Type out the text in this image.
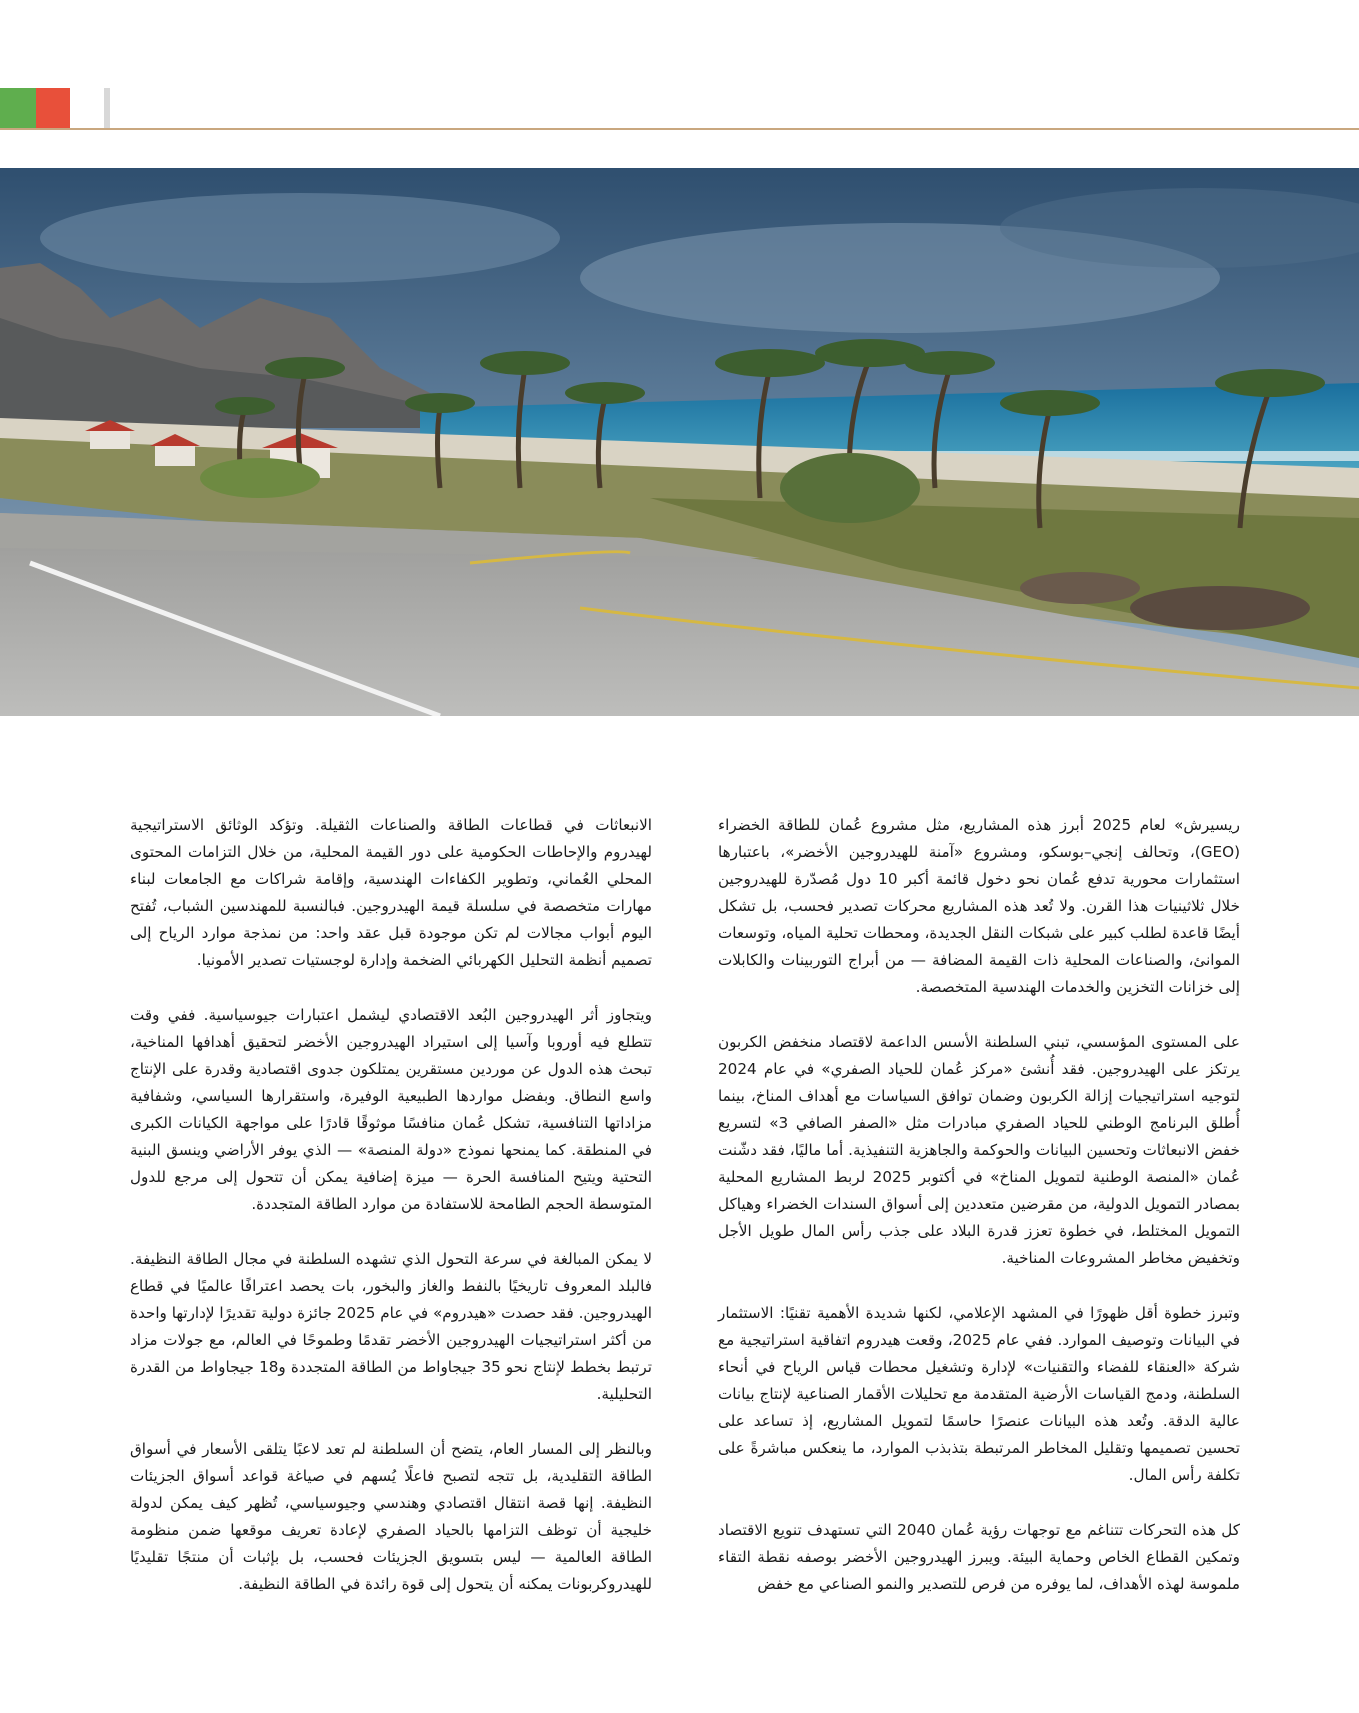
ريسيرش» لعام 2025 أبرز هذه المشاريع، مثل مشروع عُمان للطاقة الخضراء (GEO)، وتحالف إنجي–بوسكو، ومشروع «آمنة للهيدروجين الأخضر»، باعتبارها استثمارات محورية تدفع عُمان نحو دخول قائمة أكبر 10 دول مُصدّرة للهيدروجين خلال ثلاثينيات هذا القرن. ولا تُعد هذه المشاريع محركات تصدير فحسب، بل تشكل أيضًا قاعدة لطلب كبير على شبكات النقل الجديدة، ومحطات تحلية المياه، وتوسعات الموانئ، والصناعات المحلية ذات القيمة المضافة — من أبراج التوربينات والكابلات إلى خزانات التخزين والخدمات الهندسية المتخصصة.

على المستوى المؤسسي، تبني السلطنة الأسس الداعمة لاقتصاد منخفض الكربون يرتكز على الهيدروجين. فقد أُنشئ «مركز عُمان للحياد الصفري» في عام 2024 لتوجيه استراتيجيات إزالة الكربون وضمان توافق السياسات مع أهداف المناخ، بينما أُطلق البرنامج الوطني للحياد الصفري مبادرات مثل «الصفر الصافي 3» لتسريع خفض الانبعاثات وتحسين البيانات والحوكمة والجاهزية التنفيذية. أما ماليًا، فقد دشّنت عُمان «المنصة الوطنية لتمويل المناخ» في أكتوبر 2025 لربط المشاريع المحلية بمصادر التمويل الدولية، من مقرضين متعددين إلى أسواق السندات الخضراء وهياكل التمويل المختلط، في خطوة تعزز قدرة البلاد على جذب رأس المال طويل الأجل وتخفيض مخاطر المشروعات المناخية.

وتبرز خطوة أقل ظهورًا في المشهد الإعلامي، لكنها شديدة الأهمية تقنيًا: الاستثمار في البيانات وتوصيف الموارد. ففي عام 2025، وقعت هيدروم اتفاقية استراتيجية مع شركة «العنقاء للفضاء والتقنيات» لإدارة وتشغيل محطات قياس الرياح في أنحاء السلطنة، ودمج القياسات الأرضية المتقدمة مع تحليلات الأقمار الصناعية لإنتاج بيانات عالية الدقة. وتُعد هذه البيانات عنصرًا حاسمًا لتمويل المشاريع، إذ تساعد على تحسين تصميمها وتقليل المخاطر المرتبطة بتذبذب الموارد، ما ينعكس مباشرةً على تكلفة رأس المال.

كل هذه التحركات تتناغم مع توجهات رؤية عُمان 2040 التي تستهدف تنويع الاقتصاد وتمكين القطاع الخاص وحماية البيئة. ويبرز الهيدروجين الأخضر بوصفه نقطة التقاء ملموسة لهذه الأهداف، لما يوفره من فرص للتصدير والنمو الصناعي مع خفض

الانبعاثات في قطاعات الطاقة والصناعات الثقيلة. وتؤكد الوثائق الاستراتيجية لهيدروم والإحاطات الحكومية على دور القيمة المحلية، من خلال التزامات المحتوى المحلي العُماني، وتطوير الكفاءات الهندسية، وإقامة شراكات مع الجامعات لبناء مهارات متخصصة في سلسلة قيمة الهيدروجين. فبالنسبة للمهندسين الشباب، تُفتح اليوم أبواب مجالات لم تكن موجودة قبل عقد واحد: من نمذجة موارد الرياح إلى تصميم أنظمة التحليل الكهربائي الضخمة وإدارة لوجستيات تصدير الأمونيا.

ويتجاوز أثر الهيدروجين البُعد الاقتصادي ليشمل اعتبارات جيوسياسية. ففي وقت تتطلع فيه أوروبا وآسيا إلى استيراد الهيدروجين الأخضر لتحقيق أهدافها المناخية، تبحث هذه الدول عن موردين مستقرين يمتلكون جدوى اقتصادية وقدرة على الإنتاج واسع النطاق. وبفضل مواردها الطبيعية الوفيرة، واستقرارها السياسي، وشفافية مزاداتها التنافسية، تشكل عُمان منافسًا موثوقًا قادرًا على مواجهة الكيانات الكبرى في المنطقة. كما يمنحها نموذج «دولة المنصة» — الذي يوفر الأراضي وينسق البنية التحتية ويتيح المنافسة الحرة — ميزة إضافية يمكن أن تتحول إلى مرجع للدول المتوسطة الحجم الطامحة للاستفادة من موارد الطاقة المتجددة.

لا يمكن المبالغة في سرعة التحول الذي تشهده السلطنة في مجال الطاقة النظيفة. فالبلد المعروف تاريخيًا بالنفط والغاز والبخور، بات يحصد اعترافًا عالميًا في قطاع الهيدروجين. فقد حصدت «هيدروم» في عام 2025 جائزة دولية تقديرًا لإدارتها واحدة من أكثر استراتيجيات الهيدروجين الأخضر تقدمًا وطموحًا في العالم، مع جولات مزاد ترتبط بخطط لإنتاج نحو 35 جيجاواط من الطاقة المتجددة و18 جيجاواط من القدرة التحليلية.

وبالنظر إلى المسار العام، يتضح أن السلطنة لم تعد لاعبًا يتلقى الأسعار في أسواق الطاقة التقليدية، بل تتجه لتصبح فاعلًا يُسهم في صياغة قواعد أسواق الجزيئات النظيفة. إنها قصة انتقال اقتصادي وهندسي وجيوسياسي، تُظهر كيف يمكن لدولة خليجية أن توظف التزامها بالحياد الصفري لإعادة تعريف موقعها ضمن منظومة الطاقة العالمية — ليس بتسويق الجزيئات فحسب، بل بإثبات أن منتجًا تقليديًا للهيدروكربونات يمكنه أن يتحول إلى قوة رائدة في الطاقة النظيفة.
